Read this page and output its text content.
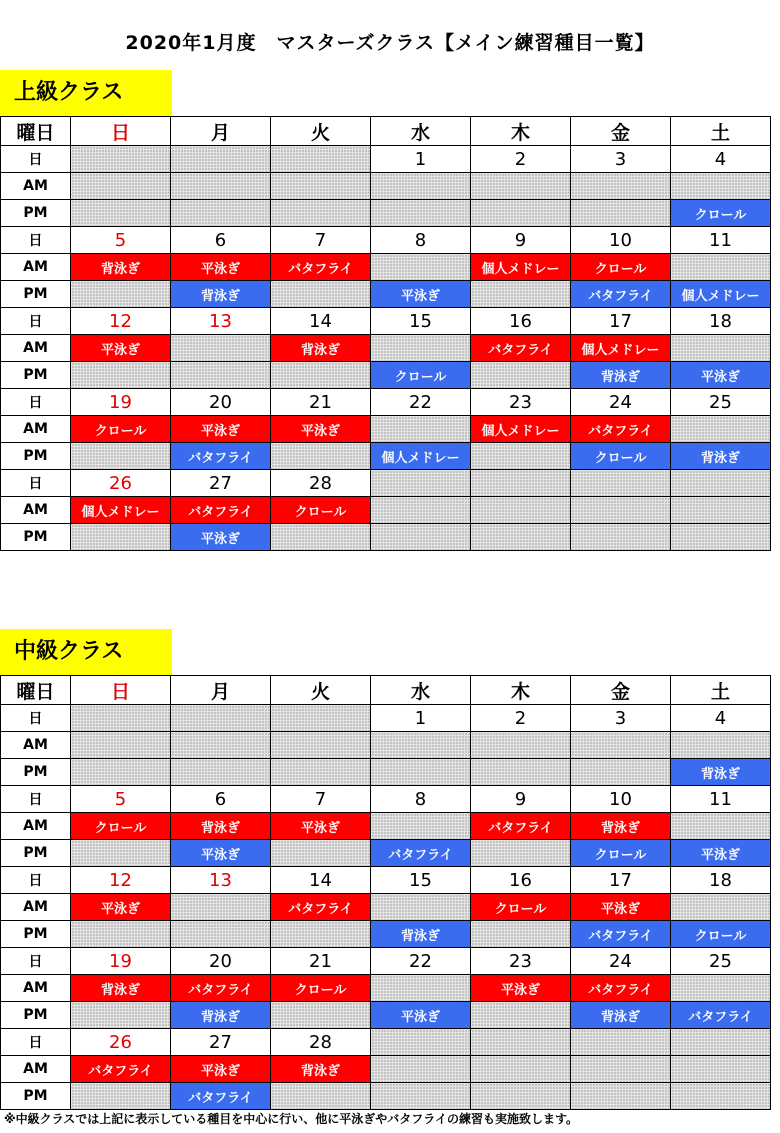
2020年1月度　マスターズクラス【メイン練習種目一覧】
上級クラス
曜日	日	月	火	水	木	金	土
日				1	2	3	4
AM							
PM							クロール
日	5	6	7	8	9	10	11
AM	背泳ぎ	平泳ぎ	バタフライ		個人メドレー	クロール	
PM		背泳ぎ		平泳ぎ		バタフライ	個人メドレー
日	12	13	14	15	16	17	18
AM	平泳ぎ		背泳ぎ		バタフライ	個人メドレー	
PM				クロール		背泳ぎ	平泳ぎ
日	19	20	21	22	23	24	25
AM	クロール	平泳ぎ	平泳ぎ		個人メドレー	バタフライ	
PM		バタフライ		個人メドレー		クロール	背泳ぎ
日	26	27	28				
AM	個人メドレー	バタフライ	クロール				
PM		平泳ぎ					
中級クラス
曜日	日	月	火	水	木	金	土
日				1	2	3	4
AM							
PM							背泳ぎ
日	5	6	7	8	9	10	11
AM	クロール	背泳ぎ	平泳ぎ		バタフライ	背泳ぎ	
PM		平泳ぎ		バタフライ		クロール	平泳ぎ
日	12	13	14	15	16	17	18
AM	平泳ぎ		バタフライ		クロール	平泳ぎ	
PM				背泳ぎ		バタフライ	クロール
日	19	20	21	22	23	24	25
AM	背泳ぎ	バタフライ	クロール		平泳ぎ	バタフライ	
PM		背泳ぎ		平泳ぎ		背泳ぎ	バタフライ
日	26	27	28				
AM	バタフライ	平泳ぎ	背泳ぎ				
PM		バタフライ					
※中級クラスでは上記に表示している種目を中心に行い、他に平泳ぎやバタフライの練習も実施致します。
